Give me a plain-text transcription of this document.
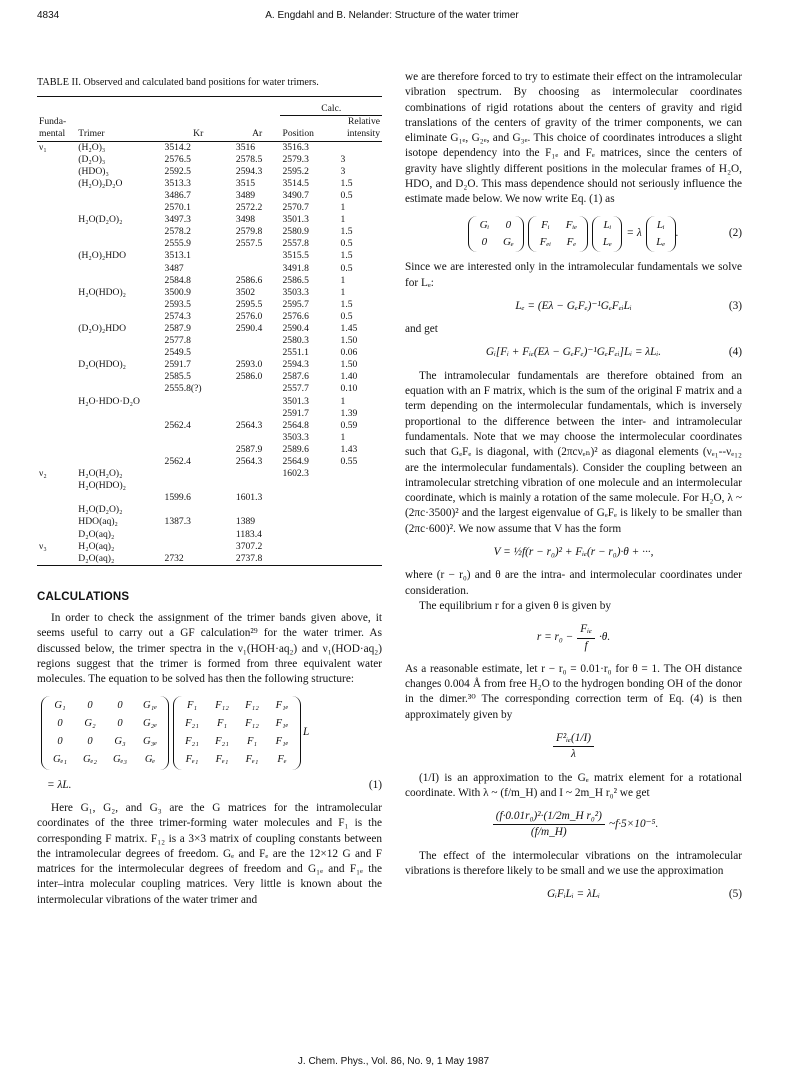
4834	A. Engdahl and B. Nelander: Structure of the water trimer
TABLE II. Observed and calculated band positions for water trimers.

				Calc.	
Funda-
mental	Trimer	Kr	Ar	Position	Relative
intensity
ν₁	(H₂O)₃	3514.2	3516	3516.3	
	(D₂O)₃	2576.5	2578.5	2579.3	3
	(HDO)₃	2592.5	2594.3	2595.2	3
	(H₂O)₂D₂O	3513.3	3515	3514.5	1.5
		3486.7	3489	3490.7	0.5
		2570.1	2572.2	2570.7	1
	H₂O(D₂O)₂	3497.3	3498	3501.3	1
		2578.2	2579.8	2580.9	1.5
		2555.9	2557.5	2557.8	0.5
	(H₂O)₂HDO	3513.1		3515.5	1.5
		3487		3491.8	0.5
		2584.8	2586.6	2586.5	1
	H₂O(HDO)₂	3500.9	3502	3503.3	1
		2593.5	2595.5	2595.7	1.5
		2574.3	2576.0	2576.6	0.5
	(D₂O)₂HDO	2587.9	2590.4	2590.4	1.45
		2577.8		2580.3	1.50
		2549.5		2551.1	0.06
	D₂O(HDO)₂	2591.7	2593.0	2594.3	1.50
		2585.5	2586.0	2587.6	1.40
		2555.8(?)		2557.7	0.10
	H₂O·HDO·D₂O			3501.3	1
				2591.7	1.39
		2562.4	2564.3	2564.8	0.59
				3503.3	1
			2587.9	2589.6	1.43
		2562.4	2564.3	2564.9	0.55
ν₂	H₂O(H₂O)₂			1602.3	
	H₂O(HDO)₂				
		1599.6	1601.3		
	H₂O(D₂O)₂				
	HDO(aq)₂	1387.3	1389		
	D₂O(aq)₂		1183.4		
ν₃	H₂O(aq)₂		3707.2		
	D₂O(aq)₂	2732	2737.8		

CALCULATIONS

In order to check the assignment of the trimer bands given above, it seems useful to carry out a GF calculation²⁹ for the water trimer. As discussed below, the trimer spectra in the ν₁(HOH·aq₂) and ν₁(HOD·aq₂) regions suggest that the trimer is formed from three equivalent water molecules. The equation to be solved has then the following structure:

G₁	0	0	G₁ₑ
0	G₂	0	G₂ₑ
0	0	G₃	G₃ₑ
Gₑ₁	Gₑ₂	Gₑ₃	Gₑ
F₁	F₁₂	F₁₂	F₁ₑ
F₂₁	F₁	F₁₂	F₁ₑ
F₂₁	F₂₁	F₁	F₁ₑ
Fₑ₁	Fₑ₁	Fₑ₁	Fₑ
L
= λL.	(1)

Here G₁, G₂, and G₃ are the G matrices for the intramolecular coordinates of the three trimer-forming water molecules and F₁ is the corresponding F matrix. F₁₂ is a 3×3 matrix of coupling constants between the intramolecular degrees of freedom. Gₑ and Fₑ are the 12×12 G and F matrices for the intermolecular degrees of freedom and G₁ₑ and F₁ₑ the inter–intra molecular coupling matrices. Very little is known about the intermolecular vibrations of the water trimer and

we are therefore forced to try to estimate their effect on the intramolecular vibration spectrum. By choosing as intermolecular coordinates combinations of rigid rotations about the centers of gravity and rigid translations of the centers of gravity of the trimer components, we can eliminate G₁ₑ, G₂ₑ, and G₃ₑ. This choice of coordinates introduces a slight isotope dependency into the F₁ₑ and Fₑ matrices, since the centers of gravity have slightly different positions in the molecular frames of H₂O, HDO, and D₂O. This mass dependence should not seriously influence the estimate made below. We now write Eq. (1) as

Gᵢ	0
0	Gₑ
Fᵢ	Fᵢₑ
Fₑᵢ	Fₑ
Lᵢ
Lₑ
= λ
Lᵢ
Lₑ
.	(2)

Since we are interested only in the intramolecular fundamentals we solve for Lₑ:

Lₑ = (Eλ − GₑFₑ)⁻¹GₑFₑᵢLᵢ	(3)

and get

Gᵢ[Fᵢ + Fᵢₑ(Eλ − GₑFₑ)⁻¹GₑFₑᵢ]Lᵢ = λLᵢ.	(4)

The intramolecular fundamentals are therefore obtained from an equation with an F matrix, which is the sum of the original F matrix and a term depending on the intermolecular fundamentals, which is inversely proportional to the difference between the inter- and intramolecular fundamentals. Note that we may choose the intermolecular coordinates such that GₑFₑ is diagonal, with (2πcνₑₙ)² as diagonal elements (νₑ₁--νₑ₁₂ are the intermolecular fundamentals). Consider the coupling between an intramolecular stretching vibration of one molecule and an intermolecular coordinate, which is mainly a rotation of the same molecule. For H₂O, λ ~ (2πc·3500)² and the largest eigenvalue of GₑFₑ is likely to be smaller than (2πc·600)². We now assume that V has the form

V = ½f(r − r₀)² + Fᵢₑ(r − r₀)·θ + ···,

where (r − r₀) and θ are the intra- and intermolecular coordinates under consideration.

The equilibrium r for a given θ is given by

$r = r_0 - \frac{\text{Fᵢₑ}}{f} \cdot\theta$.

As a reasonable estimate, let r − r₀ = 0.01·r₀ for θ = 1. The OH distance changes 0.004 Å from free H₂O to the hydrogen bonding OH of the donor in the dimer.³⁰ The corresponding correction term of Eq. (4) is then approximately given by

$\frac{\text{F²ᵢₑ(1/I)}}{\lambda}$

(1/I) is an approximation to the Gₑ matrix element for a rotational coordinate. With λ ~ (f/m_H) and I ~ 2m_H r₀² we get

$\frac{\text{(f·0.01r₀)²·(1/2m\_H r₀²)}}{(f/m\_H)}$ ~f·5×10⁻⁵.

The effect of the intermolecular vibrations on the intramolecular vibrations is therefore likely to be small and we use the approximation

GᵢFᵢLᵢ = λLᵢ	(5)
J. Chem. Phys., Vol. 86, No. 9, 1 May 1987
